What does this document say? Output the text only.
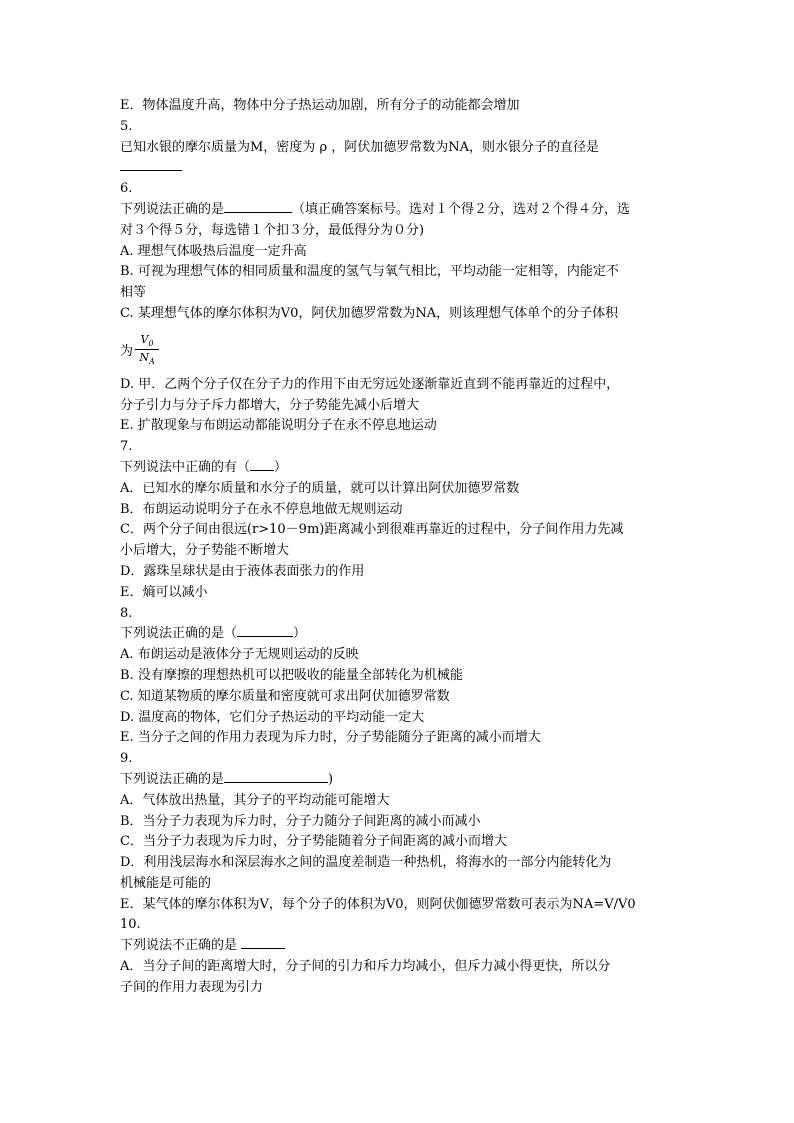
E．物体温度升高，物体中分子热运动加剧，所有分子的动能都会增加
5.
已知水银的摩尔质量为M，密度为 ρ ，阿伏加德罗常数为NA，则水银分子的直径是
6.
下列说法正确的是	（填正确答案标号。选对１个得２分，选对２个得４分，选
对３个得５分，每选错１个扣３分，最低得分为０分)
A. 理想气体吸热后温度一定升高
B. 可视为理想气体的相同质量和温度的氢气与氧气相比，平均动能一定相等，内能定不
相等
C. 某理想气体的摩尔体积为V0，阿伏加德罗常数为NA，则该理想气体单个的分子体积
为 $\frac{V_0}{N_A}$
D. 甲．乙两个分子仅在分子力的作用下由无穷远处逐渐靠近直到不能再靠近的过程中，
分子引力与分子斥力都增大，分子势能先减小后增大
E. 扩散现象与布朗运动都能说明分子在永不停息地运动
7.
下列说法中正确的有（ ）
A．已知水的摩尔质量和水分子的质量，就可以计算出阿伏加德罗常数
B．布朗运动说明分子在永不停息地做无规则运动
C．两个分子间由很远(r>10－9m)距离减小到很难再靠近的过程中，分子间作用力先减
小后增大，分子势能不断增大
D．露珠呈球状是由于液体表面张力的作用
E．熵可以减小
8.
下列说法正确的是（	）
A. 布朗运动是液体分子无规则运动的反映
B. 没有摩擦的理想热机可以把吸收的能量全部转化为机械能
C. 知道某物质的摩尔质量和密度就可求出阿伏加德罗常数
D. 温度高的物体，它们分子热运动的平均动能一定大
E. 当分子之间的作用力表现为斥力时，分子势能随分子距离的减小而增大
9.
下列说法正确的是	)
A．气体放出热量，其分子的平均动能可能增大
B．当分子力表现为斥力时，分子力随分子间距离的减小而减小
C．当分子力表现为斥力时，分子势能随着分子间距离的减小而增大
D．利用浅层海水和深层海水之间的温度差制造一种热机，将海水的一部分内能转化为
机械能是可能的
E．某气体的摩尔体积为V，每个分子的体积为V0，则阿伏伽德罗常数可表示为NA=V/V0
10.
下列说法不正确的是
A．当分子间的距离增大时，分子间的引力和斥力均减小，但斥力减小得更快，所以分
子间的作用力表现为引力
